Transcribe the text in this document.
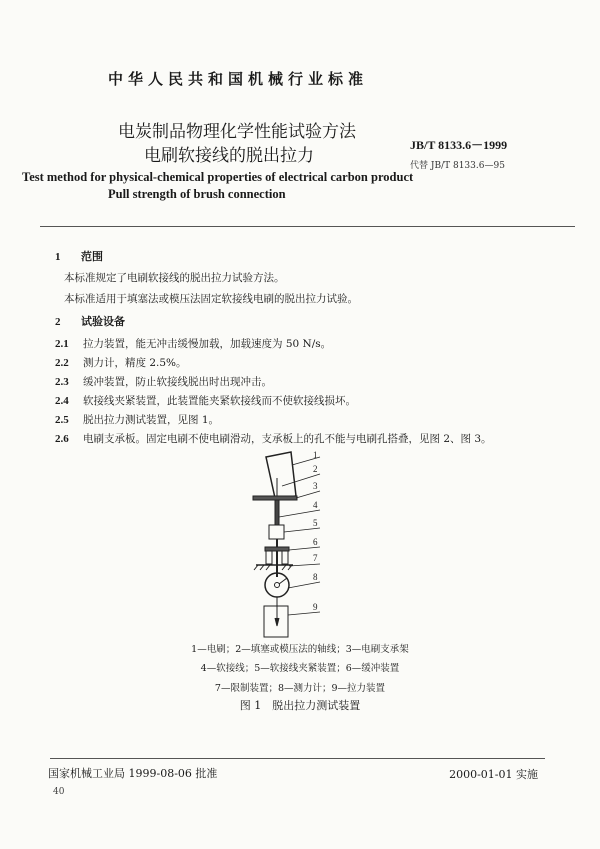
中华人民共和国机械行业标准
电炭制品物理化学性能试验方法
电刷软接线的脱出拉力
JB/T 8133.6－1999
代替 JB/T 8133.6—95
Test method for physical-chemical properties of electrical carbon product
Pull strength of brush connection
1 范围
本标准规定了电刷软接线的脱出拉力试验方法。
本标准适用于填塞法或模压法固定软接线电刷的脱出拉力试验。
2 试验设备
2.1 拉力装置，能无冲击缓慢加载，加载速度为 50 N/s。
2.2 测力计，精度 2.5%。
2.3 缓冲装置，防止软接线脱出时出现冲击。
2.4 软接线夹紧装置，此装置能夹紧软接线而不使软接线损坏。
2.5 脱出拉力测试装置，见图 1。
2.6 电刷支承板。固定电刷不使电刷滑动，支承板上的孔不能与电刷孔搭叠，见图 2、图 3。
1
2
3
4
5
6
7
8
9
1—电刷；2—填塞或模压法的轴线；3—电刷支承架
4—软接线；5—软接线夹紧装置；6—缓冲装置
7—限制装置；8—测力计；9—拉力装置
图 1　脱出拉力测试装置
国家机械工业局 1999-08-06 批准	2000-01-01 实施
40
